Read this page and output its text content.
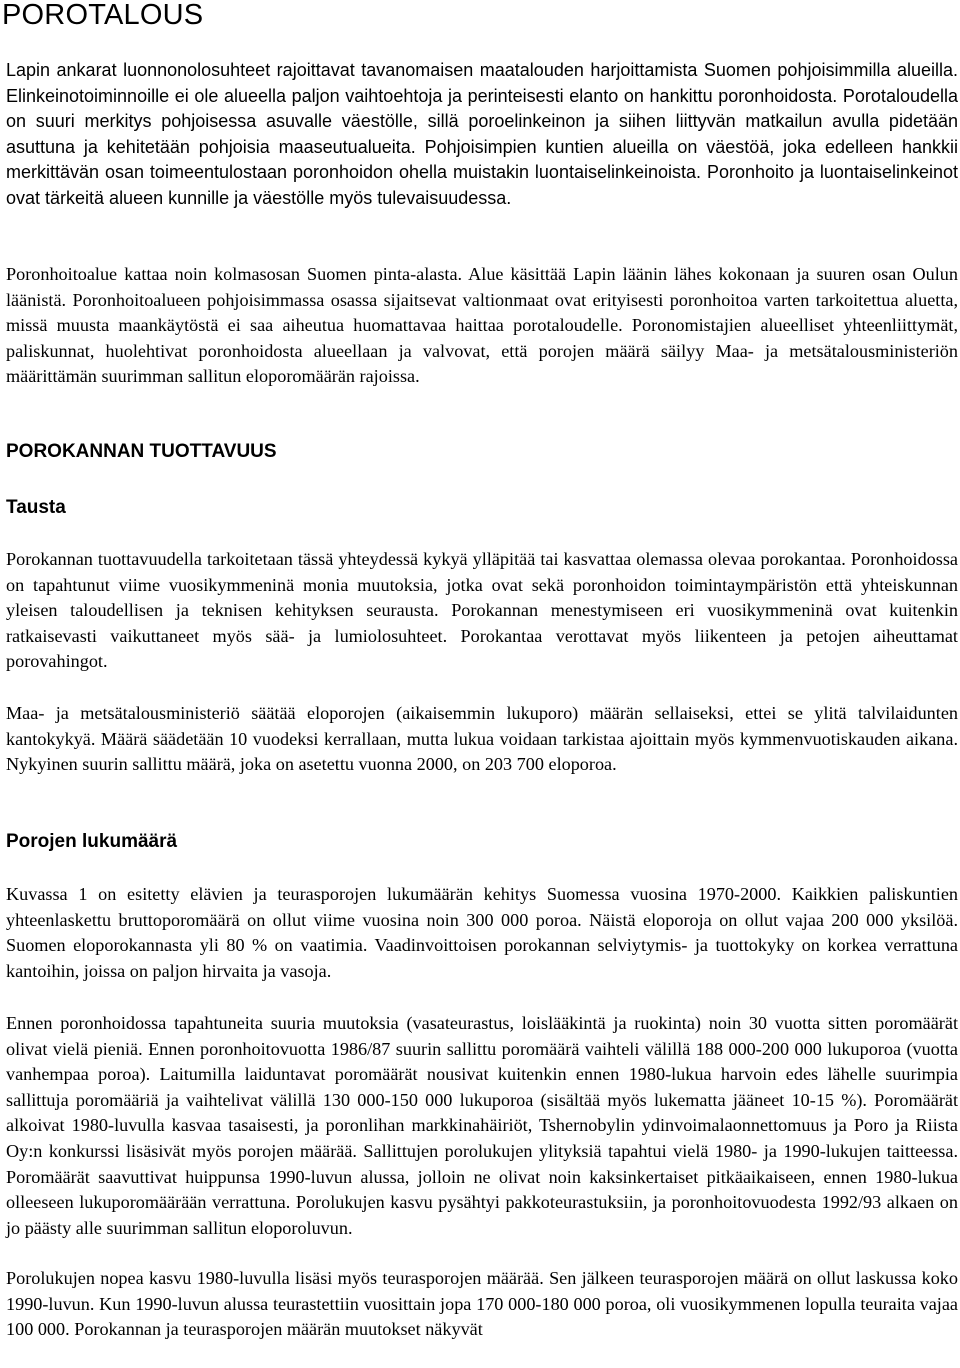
POROTALOUS

Lapin ankarat luonnonolosuhteet rajoittavat tavanomaisen maatalouden harjoittamista Suomen pohjoisimmilla alueilla. Elinkeinotoiminnoille ei ole alueella paljon vaihtoehtoja ja perinteisesti elanto on hankittu poronhoidosta. Porotaloudella on suuri merkitys pohjoisessa asuvalle väestölle, sillä poroelinkeinon ja siihen liittyvän matkailun avulla pidetään asuttuna ja kehitetään pohjoisia maaseutualueita. Pohjoisimpien kuntien alueilla on väestöä, joka edelleen hankkii merkittävän osan toimeentulostaan poronhoidon ohella muistakin luontaiselinkeinoista. Poronhoito ja luontaiselinkeinot ovat tärkeitä alueen kunnille ja väestölle myös tulevaisuudessa.

Poronhoitoalue kattaa noin kolmasosan Suomen pinta-alasta. Alue käsittää Lapin läänin lähes kokonaan ja suuren osan Oulun läänistä. Poronhoitoalueen pohjoisimmassa osassa sijaitsevat valtionmaat ovat erityisesti poronhoitoa varten tarkoitettua aluetta, missä muusta maankäytöstä ei saa aiheutua huomattavaa haittaa porotaloudelle. Poronomistajien alueelliset yhteenliittymät, paliskunnat, huolehtivat poronhoidosta alueellaan ja valvovat, että porojen määrä säilyy Maa- ja metsätalousministeriön määrittämän suurimman sallitun eloporomäärän rajoissa.

POROKANNAN TUOTTAVUUS
Tausta

Porokannan tuottavuudella tarkoitetaan tässä yhteydessä kykyä ylläpitää tai kasvattaa olemassa olevaa porokantaa. Poronhoidossa on tapahtunut viime vuosikymmeninä monia muutoksia, jotka ovat sekä poronhoidon toimintaympäristön että yhteiskunnan yleisen taloudellisen ja teknisen kehityksen seurausta. Porokannan menestymiseen eri vuosikymmeninä ovat kuitenkin ratkaisevasti vaikuttaneet myös sää- ja lumiolosuhteet. Porokantaa verottavat myös liikenteen ja petojen aiheuttamat porovahingot.

Maa- ja metsätalousministeriö säätää eloporojen (aikaisemmin lukuporo) määrän sellaiseksi, ettei se ylitä talvilaidunten kantokykyä. Määrä säädetään 10 vuodeksi kerrallaan, mutta lukua voidaan tarkistaa ajoittain myös kymmenvuotiskauden aikana. Nykyinen suurin sallittu määrä, joka on asetettu vuonna 2000, on 203 700 eloporoa.

Porojen lukumäärä

Kuvassa 1 on esitetty elävien ja teurasporojen lukumäärän kehitys Suomessa vuosina 1970-2000. Kaikkien paliskuntien yhteenlaskettu bruttoporomäärä on ollut viime vuosina noin 300 000 poroa. Näistä eloporoja on ollut vajaa 200 000 yksilöä. Suomen eloporokannasta yli 80 % on vaatimia. Vaadinvoittoisen porokannan selviytymis- ja tuottokyky on korkea verrattuna kantoihin, joissa on paljon hirvaita ja vasoja.

Ennen poronhoidossa tapahtuneita suuria muutoksia (vasateurastus, loislääkintä ja ruokinta) noin 30 vuotta sitten poromäärät olivat vielä pieniä. Ennen poronhoitovuotta 1986/87 suurin sallittu poromäärä vaihteli välillä 188 000-200 000 lukuporoa (vuotta vanhempaa poroa). Laitumilla laiduntavat poromäärät nousivat kuitenkin ennen 1980-lukua harvoin edes lähelle suurimpia sallittuja poromääriä ja vaihtelivat välillä 130 000-150 000 lukuporoa (sisältää myös lukematta jääneet 10-15 %). Poromäärät alkoivat 1980-luvulla kasvaa tasaisesti, ja poronlihan markkinahäiriöt, Tshernobylin ydinvoimalaonnettomuus ja Poro ja Riista Oy:n konkurssi lisäsivät myös porojen määrää. Sallittujen porolukujen ylityksiä tapahtui vielä 1980- ja 1990-lukujen taitteessa. Poromäärät saavuttivat huippunsa 1990-luvun alussa, jolloin ne olivat noin kaksinkertaiset pitkäaikaiseen, ennen 1980-lukua olleeseen lukuporomäärään verrattuna. Porolukujen kasvu pysähtyi pakkoteurastuksiin, ja poronhoitovuodesta 1992/93 alkaen on jo päästy alle suurimman sallitun eloporoluvun.

Porolukujen nopea kasvu 1980-luvulla lisäsi myös teurasporojen määrää. Sen jälkeen teurasporojen määrä on ollut laskussa koko 1990-luvun. Kun 1990-luvun alussa teurastettiin vuosittain jopa 170 000-180 000 poroa, oli vuosikymmenen lopulla teuraita vajaa 100 000. Porokannan ja teurasporojen määrän muutokset näkyvät
